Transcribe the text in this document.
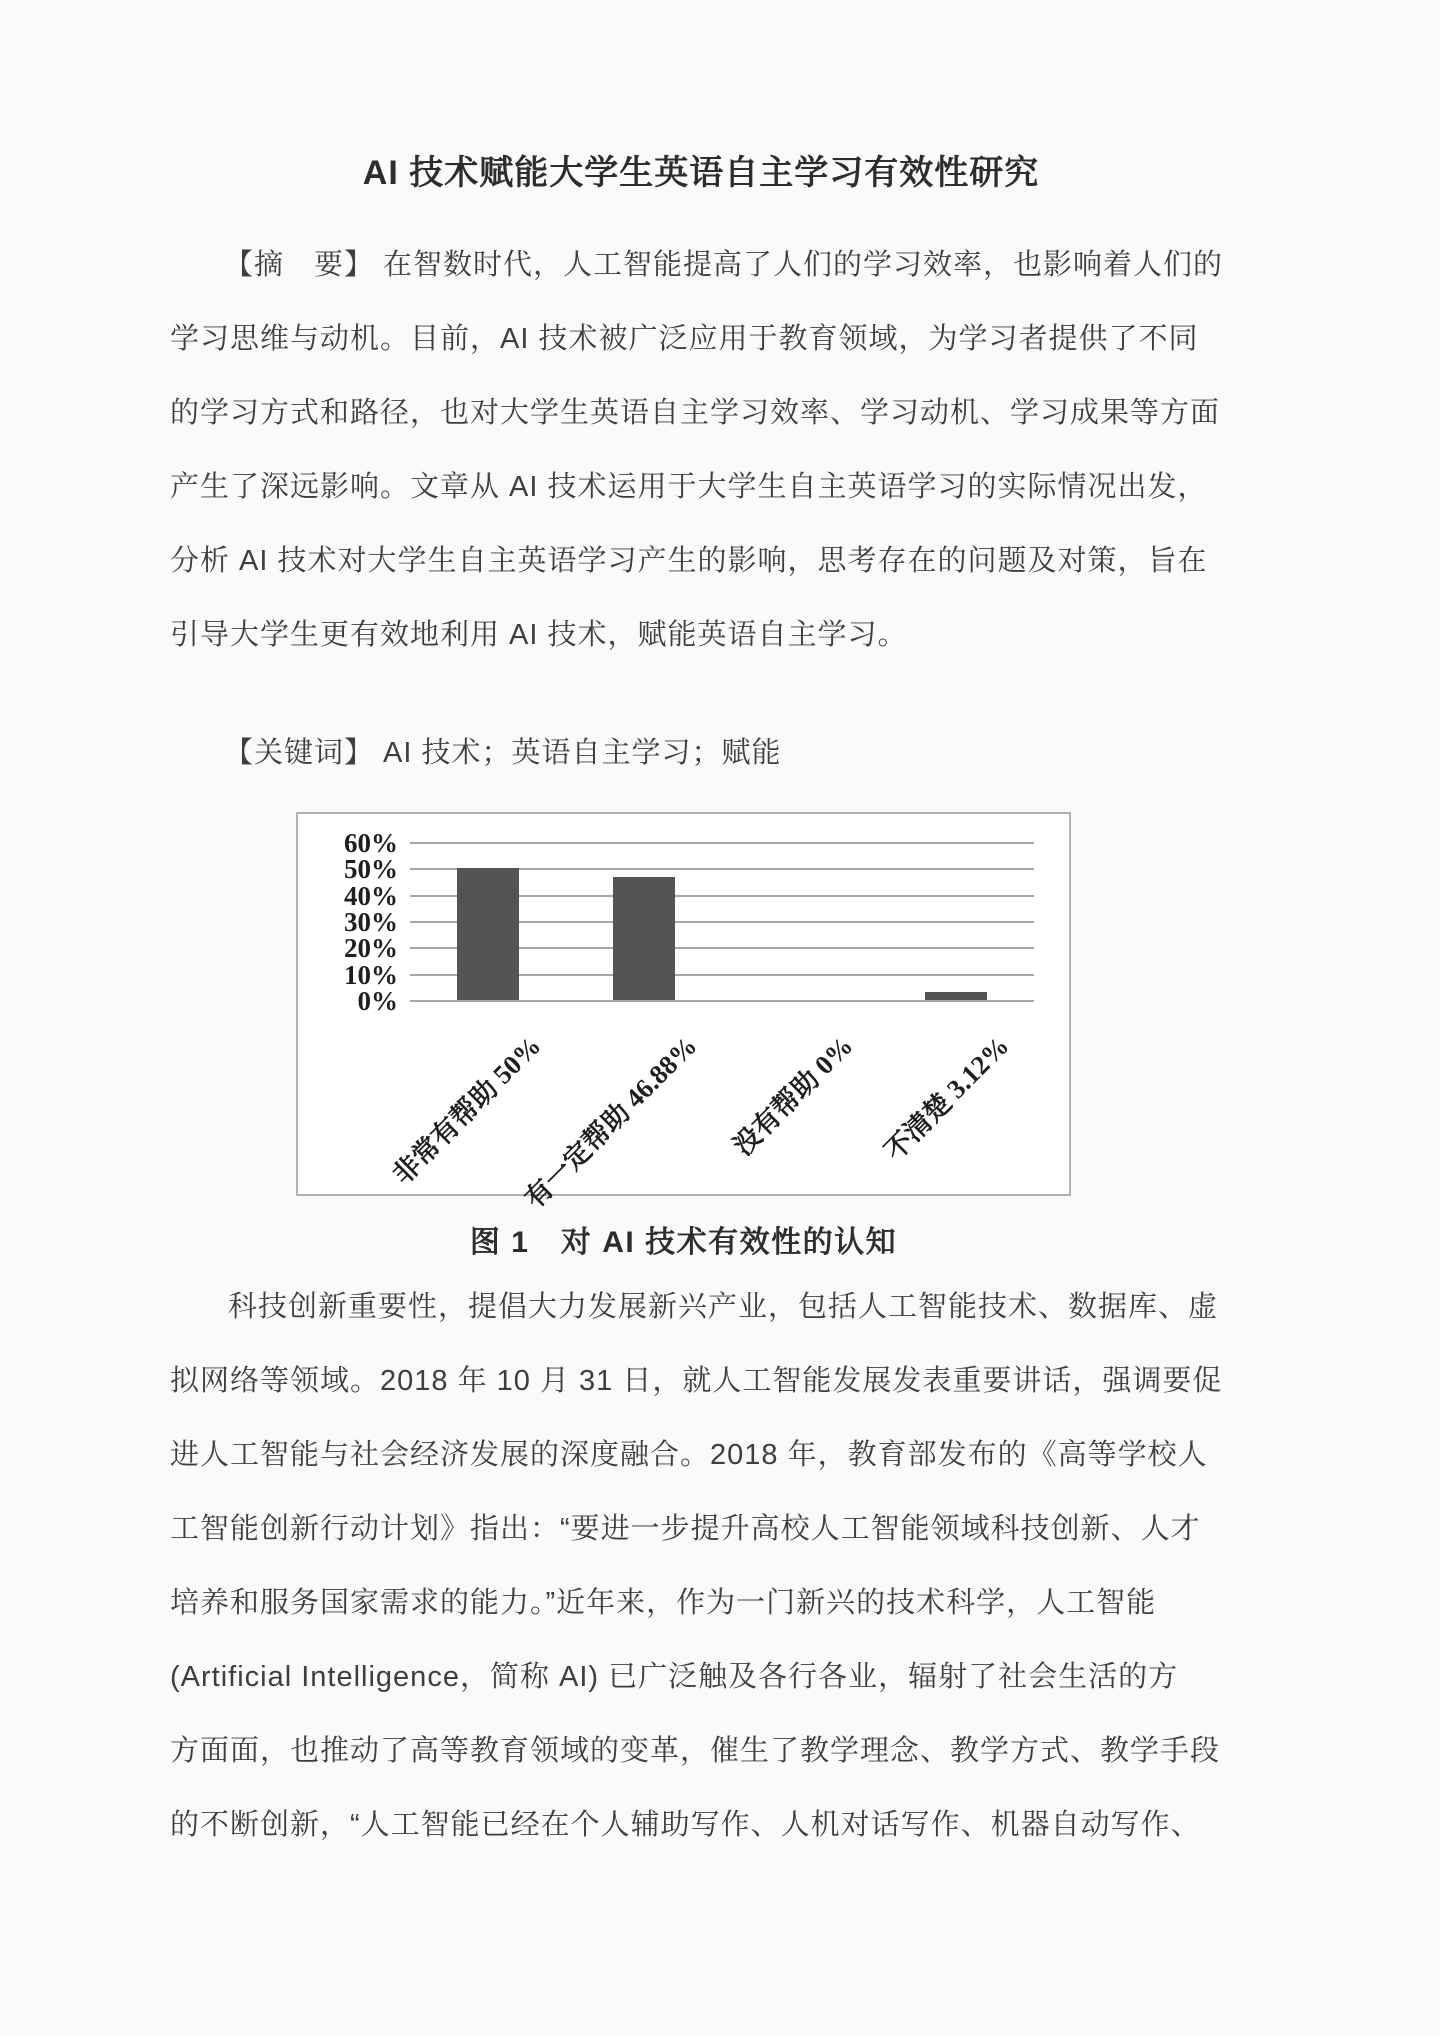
AI 技术赋能大学生英语自主学习有效性研究
【摘　要】 在智数时代，人工智能提高了人们的学习效率，也影响着人们的
学习思维与动机。目前，AI 技术被广泛应用于教育领域，为学习者提供了不同
的学习方式和路径，也对大学生英语自主学习效率、学习动机、学习成果等方面
产生了深远影响。文章从 AI 技术运用于大学生自主英语学习的实际情况出发，
分析 AI 技术对大学生自主英语学习产生的影响，思考存在的问题及对策，旨在
引导大学生更有效地利用 AI 技术，赋能英语自主学习。
【关键词】 AI 技术；英语自主学习；赋能
60%
50%
40%
30%
20%
10%
0%
非常有帮助 50%
有一定帮助 46.88% 没有帮助 0% 不清楚 3.12%
图 1　对 AI 技术有效性的认知
科技创新重要性，提倡大力发展新兴产业，包括人工智能技术、数据库、虚
拟网络等领域。2018 年 10 月 31 日，就人工智能发展发表重要讲话，强调要促
进人工智能与社会经济发展的深度融合。2018 年，教育部发布的《高等学校人
工智能创新行动计划》指出：“要进一步提升高校人工智能领域科技创新、人才
培养和服务国家需求的能力。”近年来，作为一门新兴的技术科学，人工智能
(Artificial Intelligence，简称 AI) 已广泛触及各行各业，辐射了社会生活的方
方面面，也推动了高等教育领域的变革，催生了教学理念、教学方式、教学手段
的不断创新，“人工智能已经在个人辅助写作、人机对话写作、机器自动写作、
